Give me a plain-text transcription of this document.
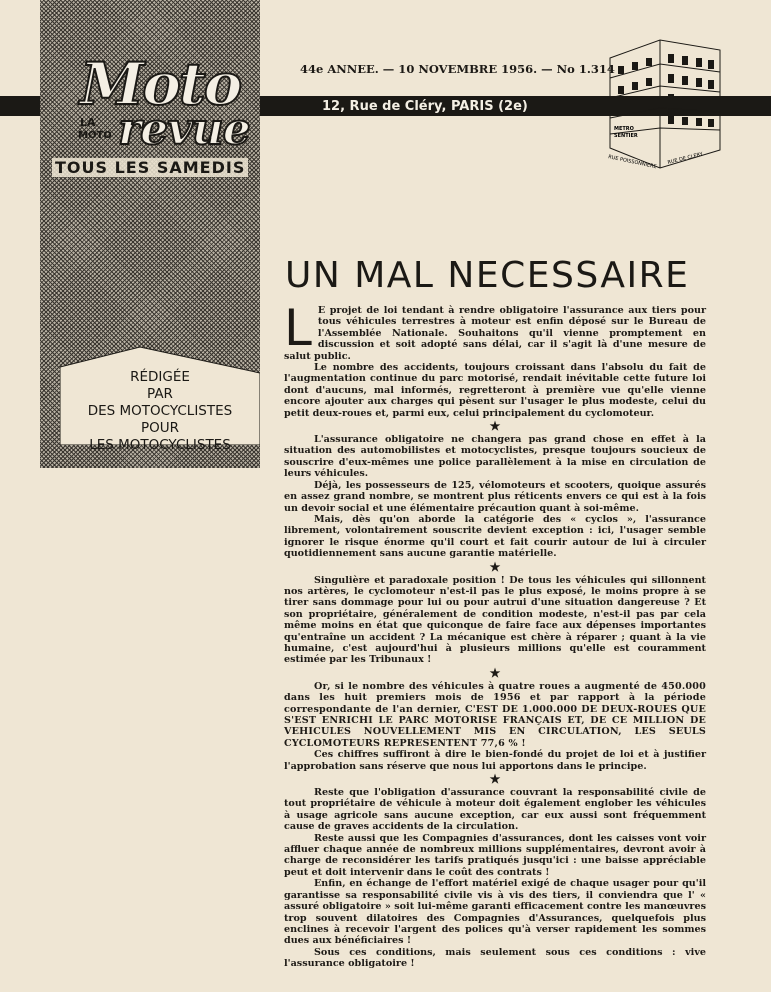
Moto
LA
MOTO revue
TOUS LES SAMEDIS
44e ANNEE. — 10 NOVEMBRE 1956. — No 1.314
12, Rue de Cléry, PARIS (2e)
METRO
SENTIER
RUE DE CLERY
RUE POISSONNIERE
RÉDIGÉE
PAR
DES MOTOCYCLISTES
POUR
LES MOTOCYCLISTES
UN MAL NECESSAIRE

L E projet de loi tendant à rendre obligatoire l'assurance aux tiers pour tous véhicules terrestres à moteur est enfin déposé sur le Bureau de l'Assemblée Nationale. Souhaitons qu'il vienne promptement en discussion et soit adopté sans délai, car il s'agit là d'une mesure de salut public.

Le nombre des accidents, toujours croissant dans l'absolu du fait de l'augmentation continue du parc motorisé, rendait inévitable cette future loi dont d'aucuns, mal informés, regretteront à première vue qu'elle vienne encore ajouter aux charges qui pèsent sur l'usager le plus modeste, celui du petit deux-roues et, parmi eux, celui principalement du cyclomoteur.

★

L'assurance obligatoire ne changera pas grand chose en effet à la situation des automobilistes et motocyclistes, presque toujours soucieux de souscrire d'eux-mêmes une police parallèlement à la mise en circulation de leurs véhicules.

Déjà, les possesseurs de 125, vélomoteurs et scooters, quoique assurés en assez grand nombre, se montrent plus réticents envers ce qui est à la fois un devoir social et une élémentaire précaution quant à soi-même.

Mais, dès qu'on aborde la catégorie des « cyclos », l'assurance librement, volontairement souscrite devient exception : ici, l'usager semble ignorer le risque énorme qu'il court et fait courir autour de lui à circuler quotidiennement sans aucune garantie matérielle.

★

Singulière et paradoxale position ! De tous les véhicules qui sillonnent nos artères, le cyclomoteur n'est-il pas le plus exposé, le moins propre à se tirer sans dommage pour lui ou pour autrui d'une situation dangereuse ? Et son propriétaire, généralement de condition modeste, n'est-il pas par cela même moins en état que quiconque de faire face aux dépenses importantes qu'entraîne un accident ? La mécanique est chère à réparer ; quant à la vie humaine, c'est aujourd'hui à plusieurs millions qu'elle est couramment estimée par les Tribunaux !

★

Or, si le nombre des véhicules à quatre roues a augmenté de 450.000 dans les huit premiers mois de 1956 et par rapport à la période correspondante de l'an dernier, C'EST DE 1.000.000 DE DEUX-ROUES QUE S'EST ENRICHI LE PARC MOTORISE FRANÇAIS ET, DE CE MILLION DE VEHICULES NOUVELLEMENT MIS EN CIRCULATION, LES SEULS CYCLOMOTEURS REPRESENTENT 77,6 % !

Ces chiffres suffiront à dire le bien-fondé du projet de loi et à justifier l'approbation sans réserve que nous lui apportons dans le principe.

★

Reste que l'obligation d'assurance couvrant la responsabilité civile de tout propriétaire de véhicule à moteur doit également englober les véhicules à usage agricole sans aucune exception, car eux aussi sont fréquemment cause de graves accidents de la circulation.

Reste aussi que les Compagnies d'assurances, dont les caisses vont voir affluer chaque année de nombreux millions supplémentaires, devront avoir à charge de reconsidérer les tarifs pratiqués jusqu'ici : une baisse appréciable peut et doit intervenir dans le coût des contrats !

Enfin, en échange de l'effort matériel exigé de chaque usager pour qu'il garantisse sa responsabilité civile vis à vis des tiers, il conviendra que l' « assuré obligatoire » soit lui-même garanti efficacement contre les manœuvres trop souvent dilatoires des Compagnies d'Assurances, quelquefois plus enclines à recevoir l'argent des polices qu'à verser rapidement les sommes dues aux bénéficiaires !

Sous ces conditions, mais seulement sous ces conditions : vive l'assurance obligatoire !
